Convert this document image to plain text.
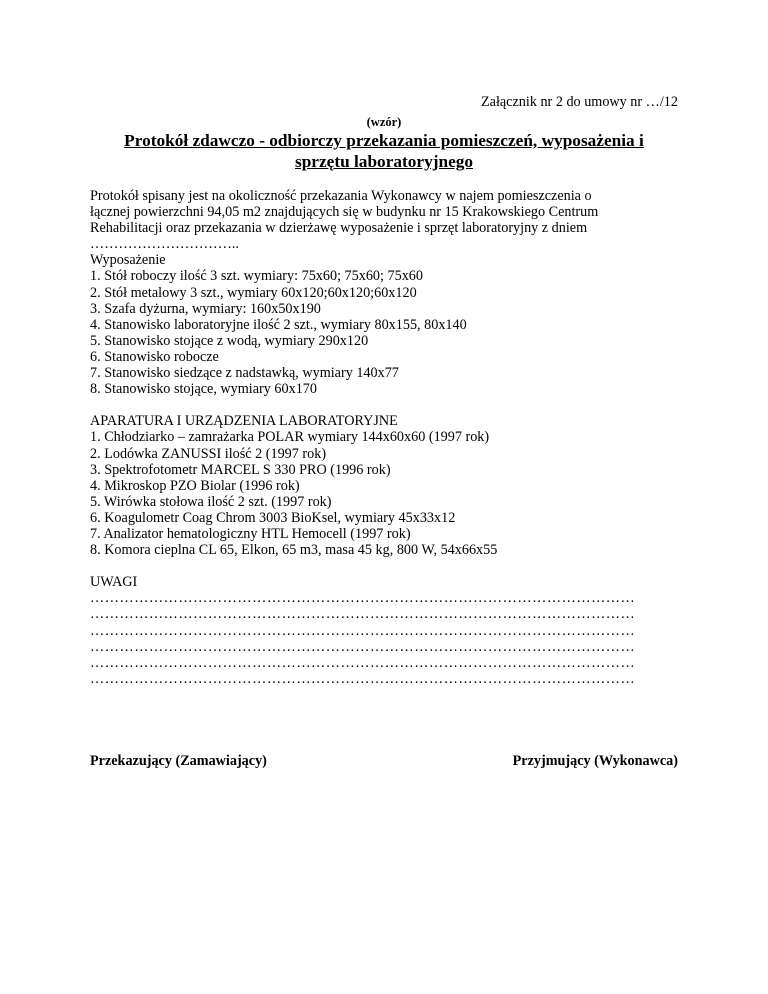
Załącznik nr 2 do umowy nr …/12
(wzór)
Protokół zdawczo - odbiorczy przekazania pomieszczeń, wyposażenia i
sprzętu laboratoryjnego
Protokół spisany jest na okoliczność przekazania Wykonawcy w najem pomieszczenia o
łącznej powierzchni 94,05 m2 znajdujących się w budynku nr 15 Krakowskiego Centrum
Rehabilitacji oraz przekazania w dzierżawę wyposażenie i sprzęt laboratoryjny z dniem
…………………………..
Wyposażenie
1. Stół roboczy ilość 3 szt. wymiary: 75x60; 75x60; 75x60
2. Stół metalowy 3 szt., wymiary 60x120;60x120;60x120
3. Szafa dyżurna, wymiary: 160x50x190
4. Stanowisko laboratoryjne ilość 2 szt., wymiary 80x155, 80x140
5. Stanowisko stojące z wodą, wymiary 290x120
6. Stanowisko robocze
7. Stanowisko siedzące z nadstawką, wymiary 140x77
8. Stanowisko stojące, wymiary 60x170
APARATURA I URZĄDZENIA LABORATORYJNE
1. Chłodziarko – zamrażarka POLAR wymiary 144x60x60 (1997 rok)
2. Lodówka ZANUSSI ilość 2 (1997 rok)
3. Spektrofotometr MARCEL S 330 PRO (1996 rok)
4. Mikroskop PZO Biolar (1996 rok)
5. Wirówka stołowa ilość 2 szt. (1997 rok)
6. Koagulometr Coag Chrom 3003 BioKsel, wymiary 45x33x12
7. Analizator hematologiczny HTL Hemocell (1997 rok)
8. Komora cieplna CL 65, Elkon, 65 m3, masa 45 kg, 800 W, 54x66x55
UWAGI
…………………………………………………………………………………………………
…………………………………………………………………………………………………
…………………………………………………………………………………………………
…………………………………………………………………………………………………
…………………………………………………………………………………………………
…………………………………………………………………………………………………
Przekazujący (Zamawiający)	Przyjmujący (Wykonawca)
